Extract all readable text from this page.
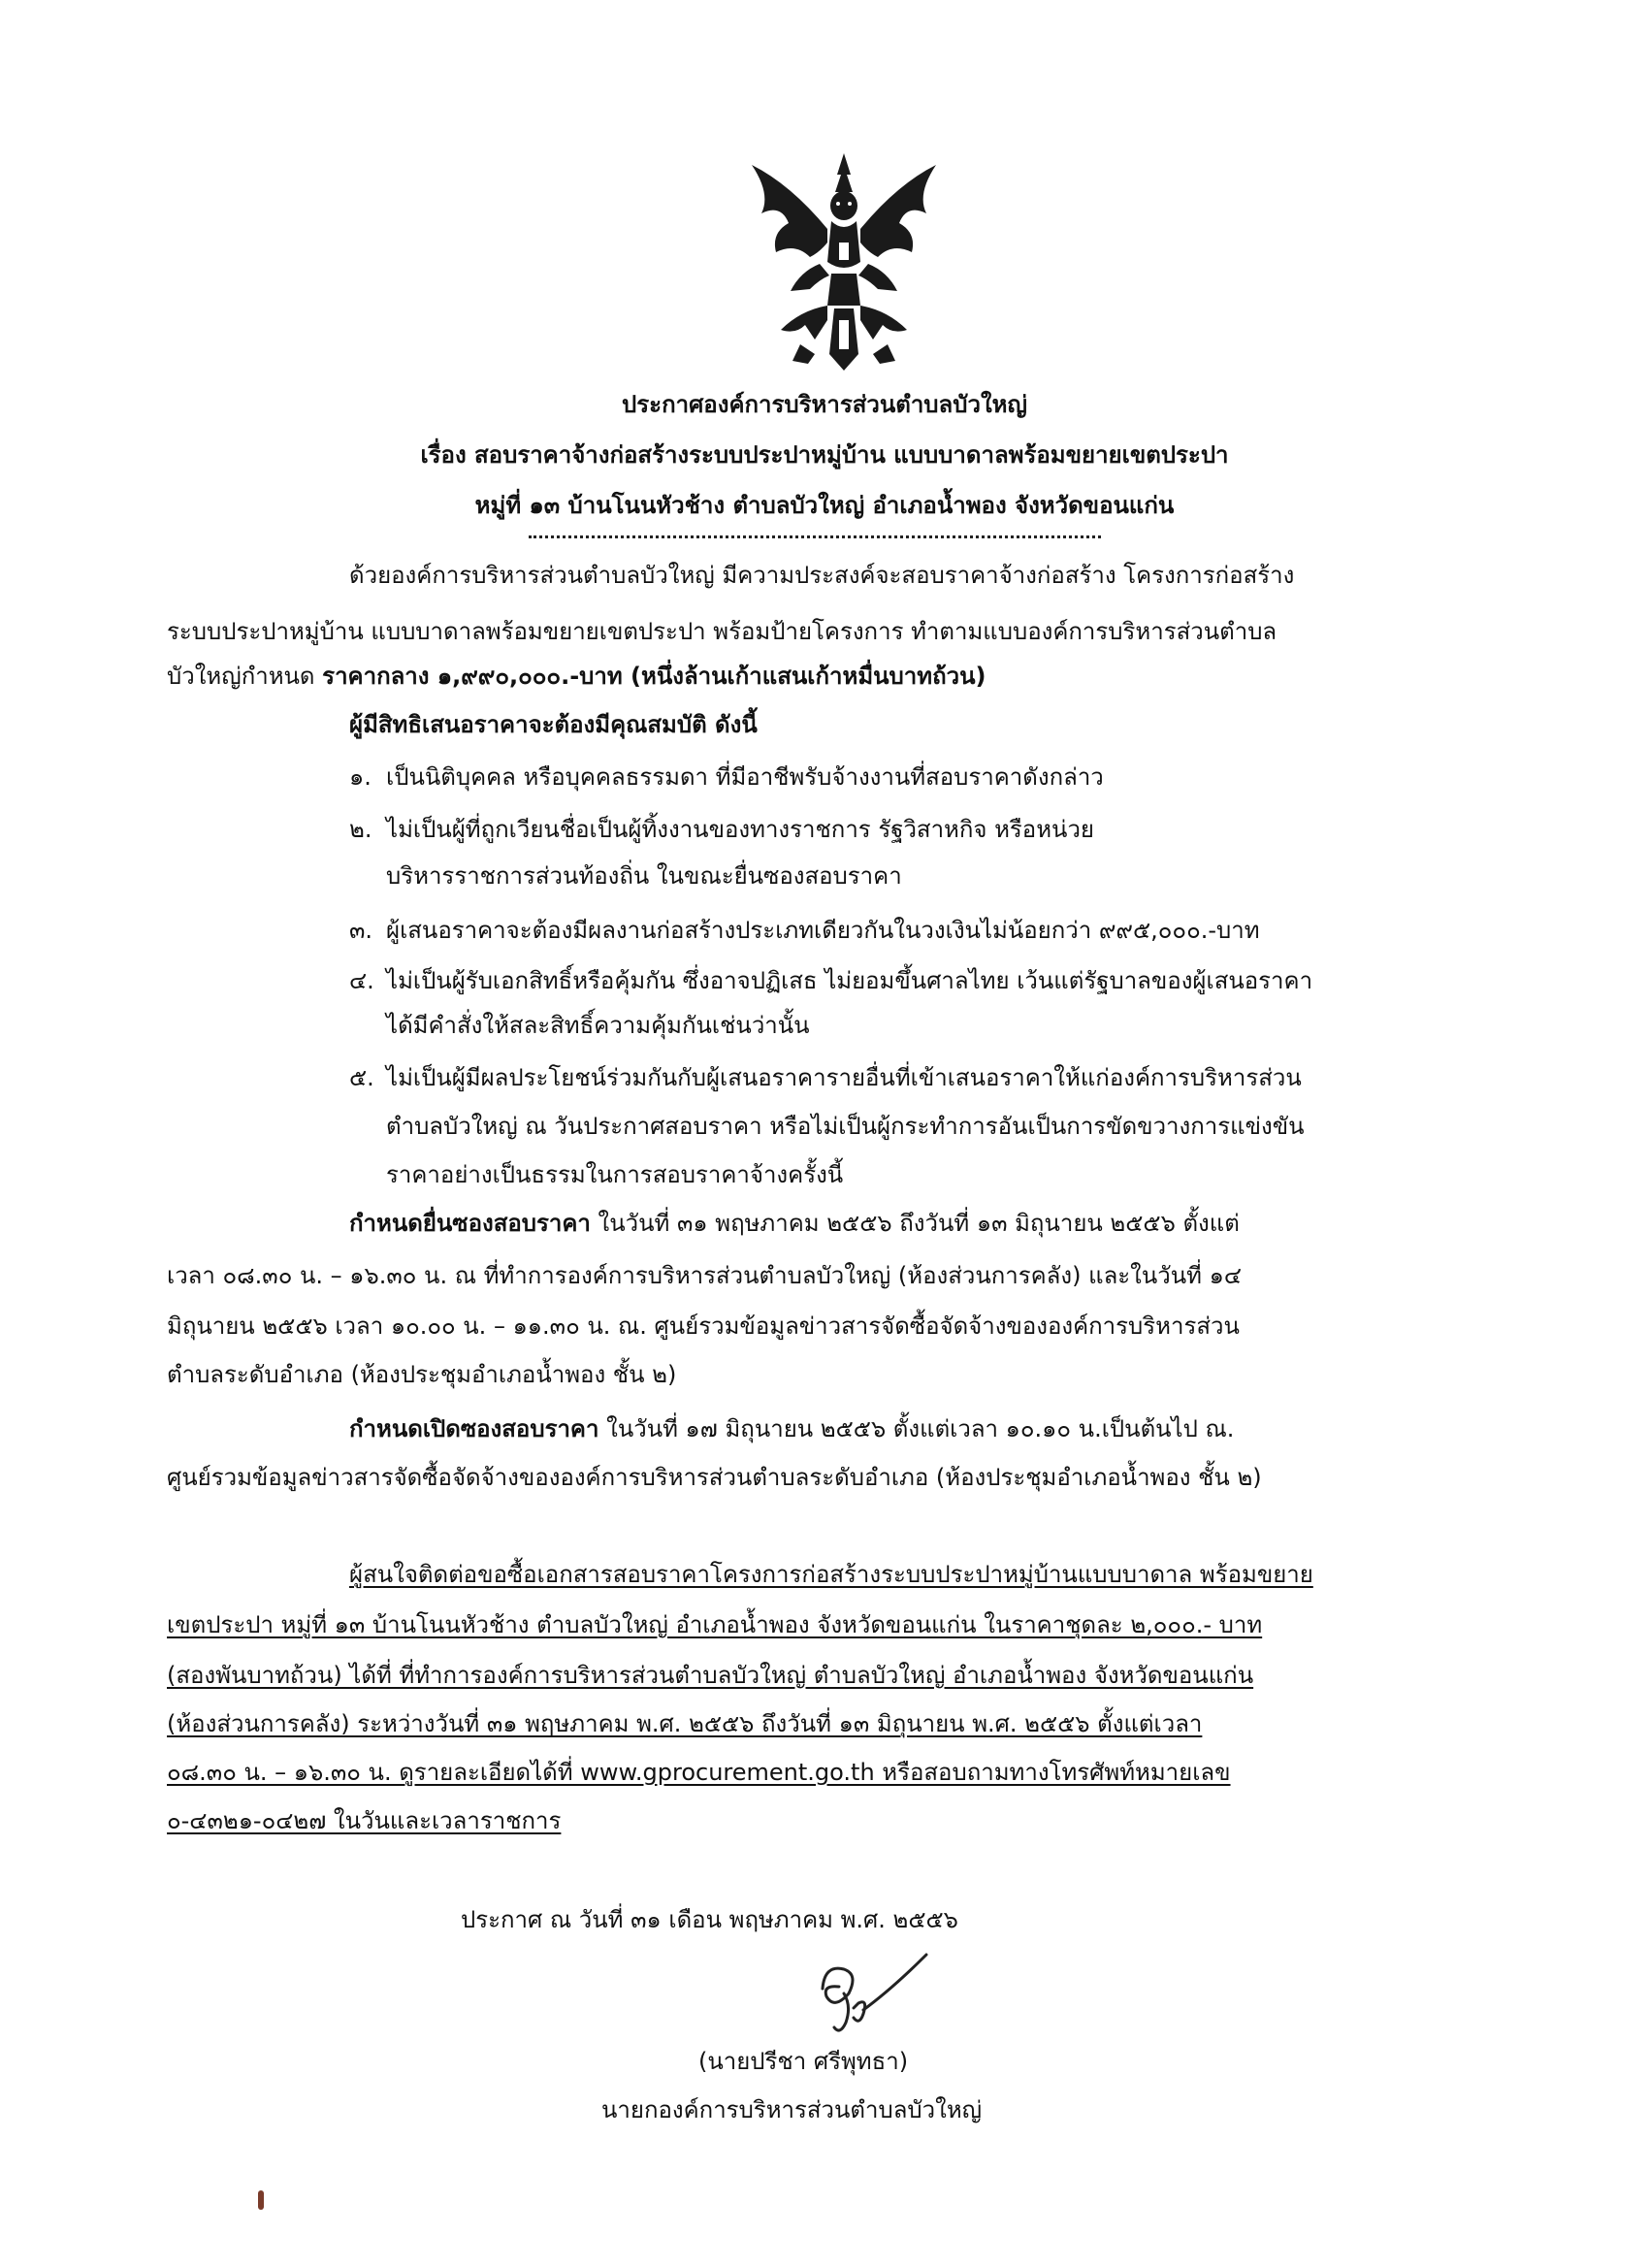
ประกาศองค์การบริหารส่วนตำบลบัวใหญ่
เรื่อง สอบราคาจ้างก่อสร้างระบบประปาหมู่บ้าน แบบบาดาลพร้อมขยายเขตประปา
หมู่ที่ ๑๓ บ้านโนนหัวช้าง ตำบลบัวใหญ่ อำเภอน้ำพอง จังหวัดขอนแก่น
ด้วยองค์การบริหารส่วนตำบลบัวใหญ่ มีความประสงค์จะสอบราคาจ้างก่อสร้าง โครงการก่อสร้าง
ระบบประปาหมู่บ้าน แบบบาดาลพร้อมขยายเขตประปา พร้อมป้ายโครงการ ทำตามแบบองค์การบริหารส่วนตำบล
บัวใหญ่กำหนด ราคากลาง ๑,๙๙๐,๐๐๐.-บาท (หนึ่งล้านเก้าแสนเก้าหมื่นบาทถ้วน)
ผู้มีสิทธิเสนอราคาจะต้องมีคุณสมบัติ ดังนี้
๑. เป็นนิติบุคคล หรือบุคคลธรรมดา ที่มีอาชีพรับจ้างงานที่สอบราคาดังกล่าว
๒. ไม่เป็นผู้ที่ถูกเวียนชื่อเป็นผู้ทิ้งงานของทางราชการ รัฐวิสาหกิจ หรือหน่วย
บริหารราชการส่วนท้องถิ่น ในขณะยื่นซองสอบราคา
๓. ผู้เสนอราคาจะต้องมีผลงานก่อสร้างประเภทเดียวกันในวงเงินไม่น้อยกว่า ๙๙๕,๐๐๐.-บาท
๔. ไม่เป็นผู้รับเอกสิทธิ์หรือคุ้มกัน ซึ่งอาจปฏิเสธ ไม่ยอมขึ้นศาลไทย เว้นแต่รัฐบาลของผู้เสนอราคา
ได้มีคำสั่งให้สละสิทธิ์ความคุ้มกันเช่นว่านั้น
๕. ไม่เป็นผู้มีผลประโยชน์ร่วมกันกับผู้เสนอราคารายอื่นที่เข้าเสนอราคาให้แก่องค์การบริหารส่วน
ตำบลบัวใหญ่ ณ วันประกาศสอบราคา หรือไม่เป็นผู้กระทำการอันเป็นการขัดขวางการแข่งขัน
ราคาอย่างเป็นธรรมในการสอบราคาจ้างครั้งนี้
กำหนดยื่นซองสอบราคา ในวันที่ ๓๑ พฤษภาคม ๒๕๕๖ ถึงวันที่ ๑๓ มิถุนายน ๒๕๕๖ ตั้งแต่
เวลา ๐๘.๓๐ น. – ๑๖.๓๐ น. ณ ที่ทำการองค์การบริหารส่วนตำบลบัวใหญ่ (ห้องส่วนการคลัง) และในวันที่ ๑๔
มิถุนายน ๒๕๕๖ เวลา ๑๐.๐๐ น. – ๑๑.๓๐ น. ณ. ศูนย์รวมข้อมูลข่าวสารจัดซื้อจัดจ้างขององค์การบริหารส่วน
ตำบลระดับอำเภอ (ห้องประชุมอำเภอน้ำพอง ชั้น ๒)
กำหนดเปิดซองสอบราคา ในวันที่ ๑๗ มิถุนายน ๒๕๕๖ ตั้งแต่เวลา ๑๐.๑๐ น.เป็นต้นไป ณ.
ศูนย์รวมข้อมูลข่าวสารจัดซื้อจัดจ้างขององค์การบริหารส่วนตำบลระดับอำเภอ (ห้องประชุมอำเภอน้ำพอง ชั้น ๒)
ผู้สนใจติดต่อขอซื้อเอกสารสอบราคาโครงการก่อสร้างระบบประปาหมู่บ้านแบบบาดาล พร้อมขยาย
เขตประปา หมู่ที่ ๑๓ บ้านโนนหัวช้าง ตำบลบัวใหญ่ อำเภอน้ำพอง จังหวัดขอนแก่น ในราคาชุดละ ๒,๐๐๐.- บาท
(สองพันบาทถ้วน) ได้ที่ ที่ทำการองค์การบริหารส่วนตำบลบัวใหญ่ ตำบลบัวใหญ่ อำเภอน้ำพอง จังหวัดขอนแก่น
(ห้องส่วนการคลัง) ระหว่างวันที่ ๓๑ พฤษภาคม พ.ศ. ๒๕๕๖ ถึงวันที่ ๑๓ มิถุนายน พ.ศ. ๒๕๕๖ ตั้งแต่เวลา
๐๘.๓๐ น. – ๑๖.๓๐ น. ดูรายละเอียดได้ที่ www.gprocurement.go.th หรือสอบถามทางโทรศัพท์หมายเลข
๐-๔๓๒๑-๐๔๒๗ ในวันและเวลาราชการ
ประกาศ ณ วันที่ ๓๑ เดือน พฤษภาคม พ.ศ. ๒๕๕๖
(นายปรีชา ศรีพุทธา)
นายกองค์การบริหารส่วนตำบลบัวใหญ่
